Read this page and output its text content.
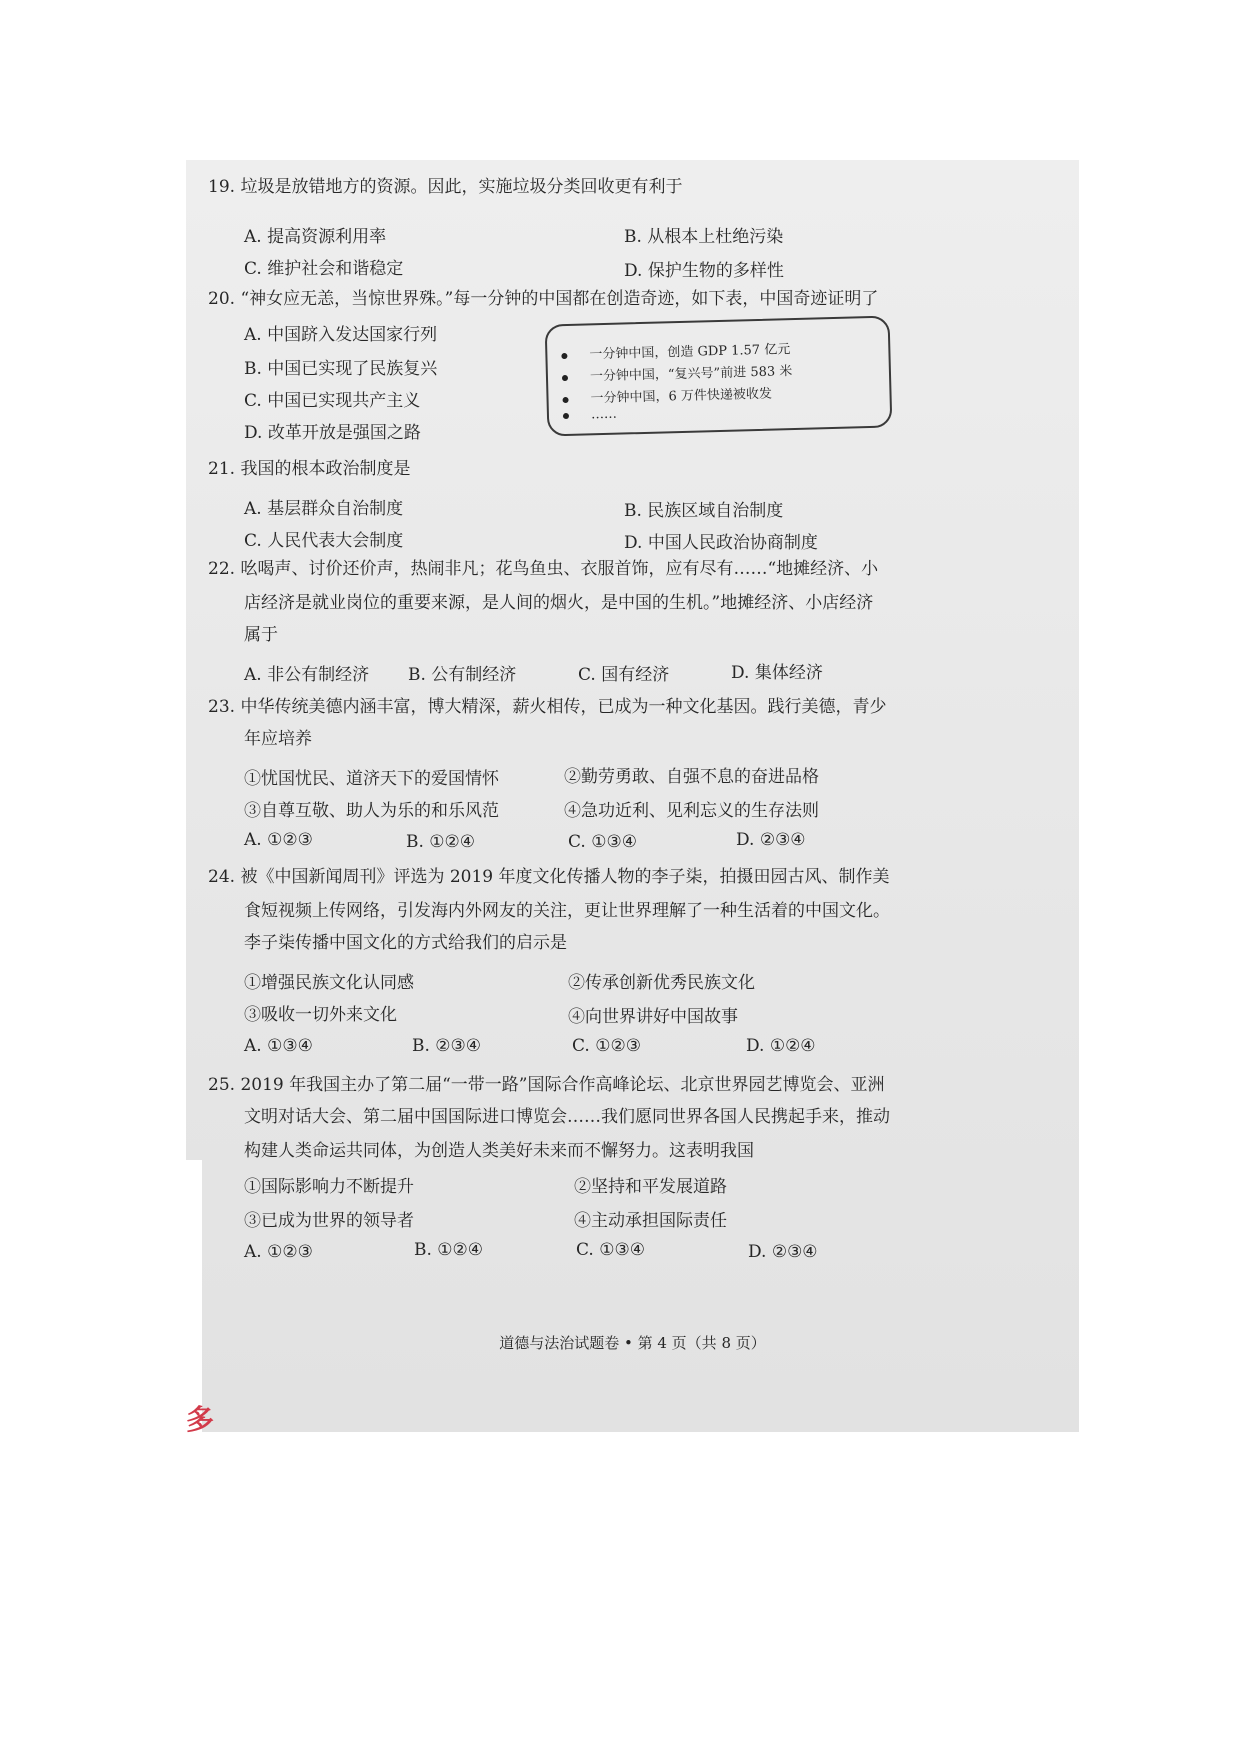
多
19. 垃圾是放错地方的资源。因此，实施垃圾分类回收更有利于
A. 提高资源利用率	B. 从根本上杜绝污染
C. 维护社会和谐稳定	D. 保护生物的多样性
20. “神女应无恙，当惊世界殊。”每一分钟的中国都在创造奇迹，如下表，中国奇迹证明了
A. 中国跻入发达国家行列
B. 中国已实现了民族复兴
C. 中国已实现共产主义
D. 改革开放是强国之路
一分钟中国，创造 GDP 1.57 亿元
一分钟中国，“复兴号”前进 583 米
一分钟中国，6 万件快递被收发
……
21. 我国的根本政治制度是
A. 基层群众自治制度	B. 民族区域自治制度
C. 人民代表大会制度	D. 中国人民政治协商制度
22. 吆喝声、讨价还价声，热闹非凡；花鸟鱼虫、衣服首饰，应有尽有……“地摊经济、小
店经济是就业岗位的重要来源，是人间的烟火，是中国的生机。”地摊经济、小店经济
属于
A. 非公有制经济 B. 公有制经济	C. 国有经济	D. 集体经济
23. 中华传统美德内涵丰富，博大精深，薪火相传，已成为一种文化基因。践行美德，青少
年应培养
①忧国忧民、道济天下的爱国情怀	②勤劳勇敢、自强不息的奋进品格
③自尊互敬、助人为乐的和乐风范	④急功近利、见利忘义的生存法则
A. ①②③	B. ①②④	C. ①③④	D. ②③④
24. 被《中国新闻周刊》评选为 2019 年度文化传播人物的李子柒，拍摄田园古风、制作美
食短视频上传网络，引发海内外网友的关注，更让世界理解了一种生活着的中国文化。
李子柒传播中国文化的方式给我们的启示是
①增强民族文化认同感	②传承创新优秀民族文化
③吸收一切外来文化	④向世界讲好中国故事
A. ①③④	B. ②③④	C. ①②③	D. ①②④
25. 2019 年我国主办了第二届“一带一路”国际合作高峰论坛、北京世界园艺博览会、亚洲
文明对话大会、第二届中国国际进口博览会……我们愿同世界各国人民携起手来，推动
构建人类命运共同体，为创造人类美好未来而不懈努力。这表明我国
①国际影响力不断提升	②坚持和平发展道路
③已成为世界的领导者	④主动承担国际责任
A. ①②③	B. ①②④	C. ①③④	D. ②③④
道德与法治试题卷 • 第 4 页（共 8 页）
